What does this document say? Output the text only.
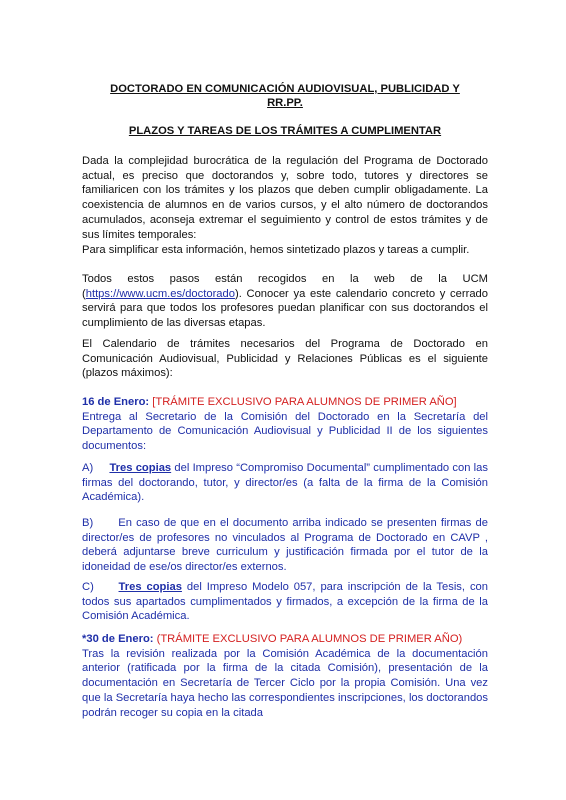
DOCTORADO EN COMUNICACIÓN AUDIOVISUAL, PUBLICIDAD Y
RR.PP.
PLAZOS Y TAREAS DE LOS TRÁMITES A CUMPLIMENTAR

Dada la complejidad burocrática de la regulación del Programa de Doctorado actual, es preciso que doctorandos y, sobre todo, tutores y directores se familiaricen con los trámites y los plazos que deben cumplir obligadamente. La coexistencia de alumnos en de varios cursos, y el alto número de doctorandos acumulados, aconseja extremar el seguimiento y control de estos trámites y de sus límites temporales:

Para simplificar esta información, hemos sintetizado plazos y tareas a cumplir.

Todos estos pasos están recogidos en la web de la UCM (https://www.ucm.es/doctorado). Conocer ya este calendario concreto y cerrado servirá para que todos los profesores puedan planificar con sus doctorandos el cumplimiento de las diversas etapas.

El Calendario de trámites necesarios del Programa de Doctorado en Comunicación Audiovisual, Publicidad y Relaciones Públicas es el siguiente (plazos máximos):

16 de Enero: [TRÁMITE EXCLUSIVO PARA ALUMNOS DE PRIMER AÑO]
Entrega al Secretario de la Comisión del Doctorado en la Secretaría del Departamento de Comunicación Audiovisual y Publicidad II de los siguientes documentos:

A) Tres copias del Impreso “Compromiso Documental” cumplimentado con las firmas del doctorando, tutor, y director/es (a falta de la firma de la Comisión Académica).

B) En caso de que en el documento arriba indicado se presenten firmas de director/es de profesores no vinculados al Programa de Doctorado en CAVP , deberá adjuntarse breve curriculum y justificación firmada por el tutor de la idoneidad de ese/os director/es externos.

C) Tres copias del Impreso Modelo 057, para inscripción de la Tesis, con todos sus apartados cumplimentados y firmados, a excepción de la firma de la Comisión Académica.

*30 de Enero: (TRÁMITE EXCLUSIVO PARA ALUMNOS DE PRIMER AÑO)
Tras la revisión realizada por la Comisión Académica de la documentación anterior (ratificada por la firma de la citada Comisión), presentación de la documentación en Secretaría de Tercer Ciclo por la propia Comisión. Una vez que la Secretaría haya hecho las correspondientes inscripciones, los doctorandos podrán recoger su copia en la citada
